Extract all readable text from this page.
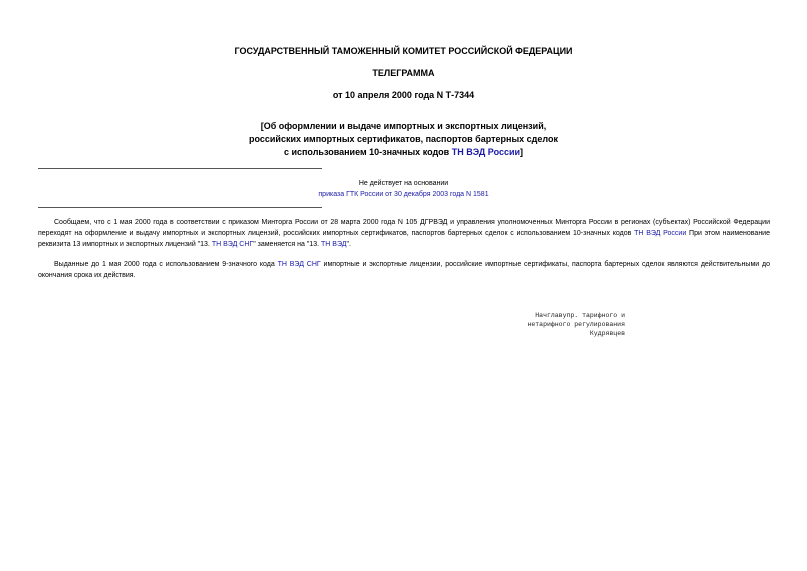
ГОСУДАРСТВЕННЫЙ ТАМОЖЕННЫЙ КОМИТЕТ РОССИЙСКОЙ ФЕДЕРАЦИИ
ТЕЛЕГРАММА
от 10 апреля 2000 года N Т-7344
[Об оформлении и выдаче импортных и экспортных лицензий,
российских импортных сертификатов, паспортов бартерных сделок
с использованием 10-значных кодов ТН ВЭД России]
Не действует на основании
приказа ГТК России от 30 декабря 2003 года N 1581
Сообщаем, что с 1 мая 2000 года в соответствии с приказом Минторга России от 28 марта 2000 года N 105 ДГРВЭД и управления уполномоченных Минторга России в регионах (субъектах) Российской Федерации переходят на оформление и выдачу импортных и экспортных лицензий, российских импортных сертификатов, паспортов бартерных сделок с использованием 10-значных кодов ТН ВЭД России При этом наименование реквизита 13 импортных и экспортных лицензий "13. ТН ВЭД СНГ" заменяется на "13. ТН ВЭД".
Выданные до 1 мая 2000 года с использованием 9-значного кода ТН ВЭД СНГ импортные и экспортные лицензии, российские импортные сертификаты, паспорта бартерных сделок являются действительными до окончания срока их действия.
Начглавупр. тарифного и
нетарифного регулирования
Кудрявцев
